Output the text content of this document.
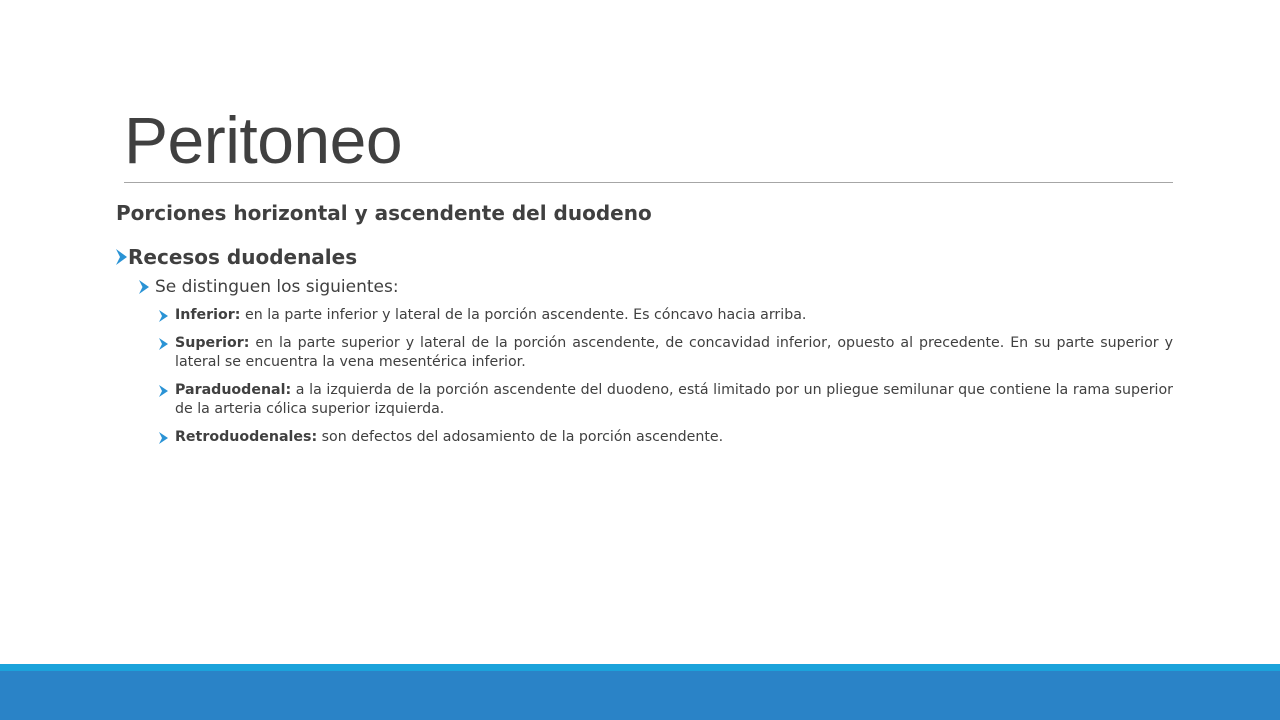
Peritoneo
Porciones horizontal y ascendente del duodeno
Recesos duodenales
Se distinguen los siguientes:
Inferior: en la parte inferior y lateral de la porción ascendente. Es cóncavo hacia arriba.
Superior: en la parte superior y lateral de la porción ascendente, de concavidad inferior, opuesto al precedente. En su parte superior y lateral se encuentra la vena mesentérica inferior.
Paraduodenal: a la izquierda de la porción ascendente del duodeno, está limitado por un pliegue semilunar que contiene la rama superior de la arteria cólica superior izquierda.
Retroduodenales: son defectos del adosamiento de la porción ascendente.
